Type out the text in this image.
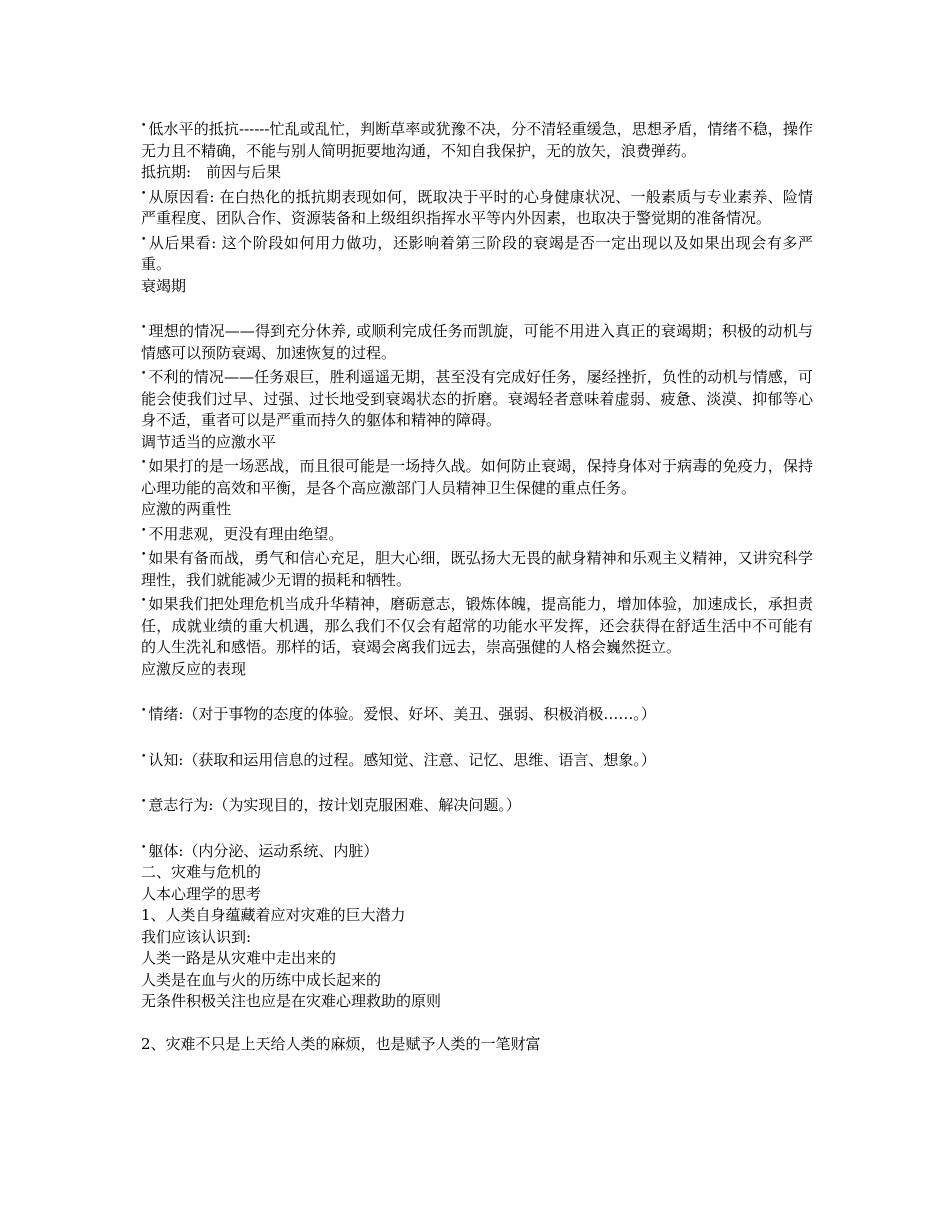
• 低水平的抵抗------忙乱或乱忙，判断草率或犹豫不决，分不清轻重缓急，思想矛盾，情绪不稳，操作无力且不精确，不能与别人简明扼要地沟通，不知自我保护，无的放矢，浪费弹药。

抵抗期:　前因与后果

• 从原因看: 在白热化的抵抗期表现如何，既取决于平时的心身健康状况、一般素质与专业素养、险情严重程度、团队合作、资源装备和上级组织指挥水平等内外因素，也取决于警觉期的准备情况。

• 从后果看: 这个阶段如何用力做功，还影响着第三阶段的衰竭是否一定出现以及如果出现会有多严重。

衰竭期

• 理想的情况——得到充分休养, 或顺利完成任务而凯旋，可能不用进入真正的衰竭期；积极的动机与情感可以预防衰竭、加速恢复的过程。

• 不利的情况——任务艰巨，胜利遥遥无期，甚至没有完成好任务，屡经挫折，负性的动机与情感，可能会使我们过早、过强、过长地受到衰竭状态的折磨。衰竭轻者意味着虚弱、疲惫、淡漠、抑郁等心身不适，重者可以是严重而持久的躯体和精神的障碍。

调节适当的应激水平

• 如果打的是一场恶战，而且很可能是一场持久战。如何防止衰竭，保持身体对于病毒的免疫力，保持心理功能的高效和平衡，是各个高应激部门人员精神卫生保健的重点任务。

应激的两重性

• 不用悲观，更没有理由绝望。

• 如果有备而战，勇气和信心充足，胆大心细，既弘扬大无畏的献身精神和乐观主义精神，又讲究科学理性，我们就能减少无谓的损耗和牺牲。

• 如果我们把处理危机当成升华精神，磨砺意志，锻炼体魄，提高能力，增加体验，加速成长，承担责任，成就业绩的重大机遇，那么我们不仅会有超常的功能水平发挥，还会获得在舒适生活中不可能有的人生洗礼和感悟。那样的话，衰竭会离我们远去，崇高强健的人格会巍然挺立。

应激反应的表现

• 情绪:（对于事物的态度的体验。爱恨、好坏、美丑、强弱、积极消极……。）

• 认知:（获取和运用信息的过程。感知觉、注意、记忆、思维、语言、想象。）

• 意志行为:（为实现目的，按计划克服困难、解决问题。）

• 躯体:（内分泌、运动系统、内脏）

二、灾难与危机的

人本心理学的思考

1、人类自身蕴藏着应对灾难的巨大潜力

我们应该认识到:

人类一路是从灾难中走出来的

人类是在血与火的历练中成长起来的

无条件积极关注也应是在灾难心理救助的原则

2、灾难不只是上天给人类的麻烦，也是赋予人类的一笔财富
